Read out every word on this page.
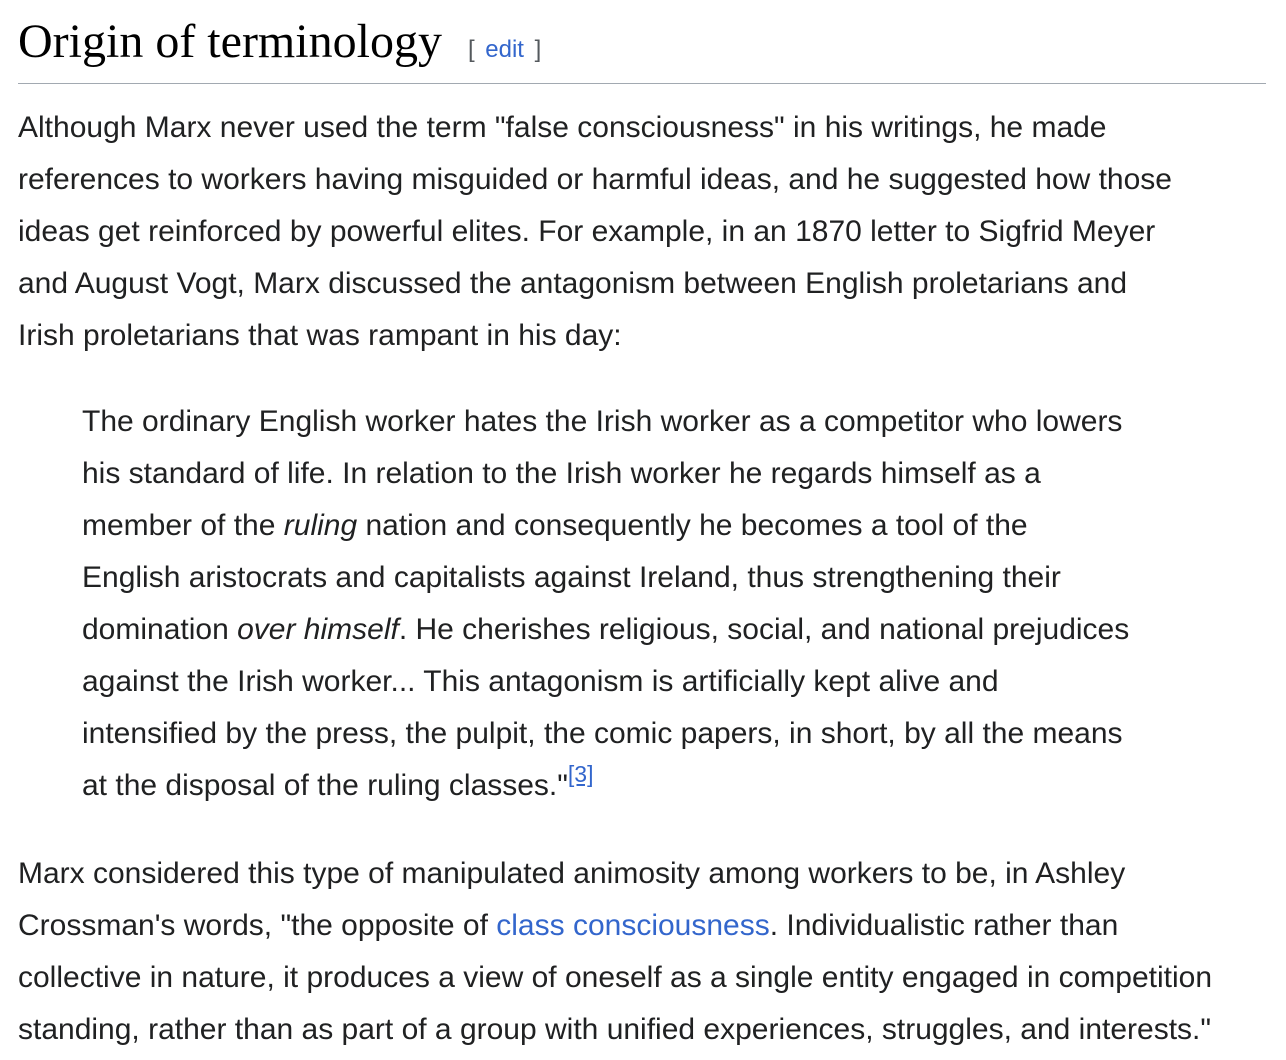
Origin of terminology [ edit ]

Although Marx never used the term "false consciousness" in his writings, he made
references to workers having misguided or harmful ideas, and he suggested how those
ideas get reinforced by powerful elites. For example, in an 1870 letter to Sigfrid Meyer
and August Vogt, Marx discussed the antagonism between English proletarians and
Irish proletarians that was rampant in his day:

The ordinary English worker hates the Irish worker as a competitor who lowers
his standard of life. In relation to the Irish worker he regards himself as a
member of the ruling nation and consequently he becomes a tool of the
English aristocrats and capitalists against Ireland, thus strengthening their
domination over himself. He cherishes religious, social, and national prejudices
against the Irish worker... This antagonism is artificially kept alive and
intensified by the press, the pulpit, the comic papers, in short, by all the means
at the disposal of the ruling classes."[3]

Marx considered this type of manipulated animosity among workers to be, in Ashley
Crossman's words, "the opposite of class consciousness. Individualistic rather than
collective in nature, it produces a view of oneself as a single entity engaged in competition
standing, rather than as part of a group with unified experiences, struggles, and interests."
